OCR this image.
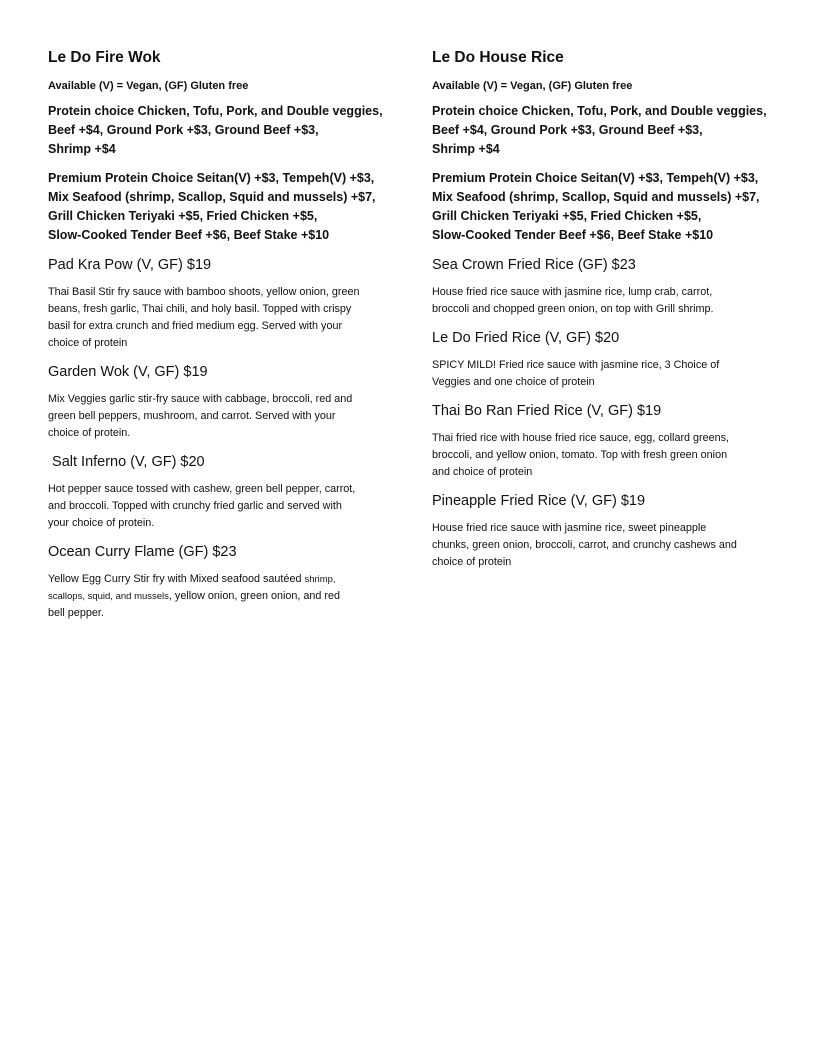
Le Do Fire Wok
Available (V) = Vegan, (GF) Gluten free
Protein choice Chicken, Tofu, Pork, and Double veggies,
Beef +$4, Ground Pork +$3, Ground Beef +$3,
Shrimp +$4
Premium Protein Choice Seitan(V) +$3, Tempeh(V) +$3,
Mix Seafood (shrimp, Scallop, Squid and mussels) +$7,
Grill Chicken Teriyaki +$5, Fried Chicken +$5,
Slow-Cooked Tender Beef +$6, Beef Stake +$10
Pad Kra Pow (V, GF) $19
Thai Basil Stir fry sauce with bamboo shoots, yellow onion, green
beans, fresh garlic, Thai chili, and holy basil. Topped with crispy
basil for extra crunch and fried medium egg. Served with your
choice of protein
Garden Wok (V, GF) $19
Mix Veggies garlic stir-fry sauce with cabbage, broccoli, red and
green bell peppers, mushroom, and carrot. Served with your
choice of protein.
Salt Inferno (V, GF) $20
Hot pepper sauce tossed with cashew, green bell pepper, carrot,
and broccoli. Topped with crunchy fried garlic and served with
your choice of protein.
Ocean Curry Flame (GF) $23
Yellow Egg Curry Stir fry with Mixed seafood sautéed shrimp,
scallops, squid, and mussels, yellow onion, green onion, and red
bell pepper.
Le Do House Rice
Available (V) = Vegan, (GF) Gluten free
Protein choice Chicken, Tofu, Pork, and Double veggies,
Beef +$4, Ground Pork +$3, Ground Beef +$3,
Shrimp +$4
Premium Protein Choice Seitan(V) +$3, Tempeh(V) +$3,
Mix Seafood (shrimp, Scallop, Squid and mussels) +$7,
Grill Chicken Teriyaki +$5, Fried Chicken +$5,
Slow-Cooked Tender Beef +$6, Beef Stake +$10
Sea Crown Fried Rice (GF) $23
House fried rice sauce with jasmine rice, lump crab, carrot,
broccoli and chopped green onion, on top with Grill shrimp.
Le Do Fried Rice (V, GF) $20
SPICY MILD! Fried rice sauce with jasmine rice, 3 Choice of
Veggies and one choice of protein
Thai Bo Ran Fried Rice (V, GF) $19
Thai fried rice with house fried rice sauce, egg, collard greens,
broccoli, and yellow onion, tomato. Top with fresh green onion
and choice of protein
Pineapple Fried Rice (V, GF) $19
House fried rice sauce with jasmine rice, sweet pineapple
chunks, green onion, broccoli, carrot, and crunchy cashews and
choice of protein
